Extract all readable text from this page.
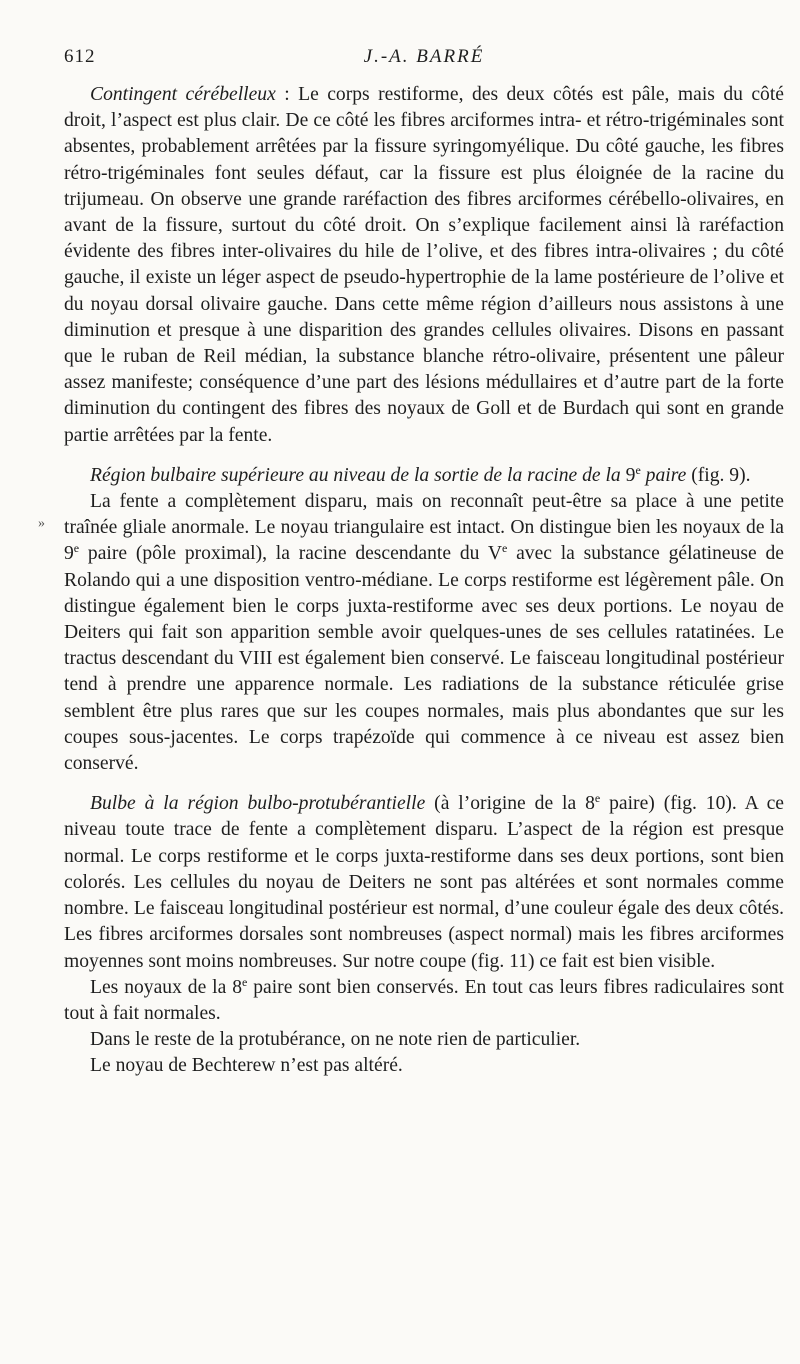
612	J.-A. BARRÉ
»

Contingent cérébelleux : Le corps restiforme, des deux côtés est pâle, mais du côté droit, l’aspect est plus clair. De ce côté les fibres arciformes intra- et rétro-trigéminales sont absentes, probablement arrêtées par la fissure syringomyélique. Du côté gauche, les fibres rétro-trigéminales font seules défaut, car la fissure est plus éloignée de la racine du trijumeau. On observe une grande raréfaction des fibres arciformes cérébello-olivaires, en avant de la fissure, surtout du côté droit. On s’explique facilement ainsi là raréfaction évidente des fibres inter-olivaires du hile de l’olive, et des fibres intra-olivaires ; du côté gauche, il existe un léger aspect de pseudo-hypertrophie de la lame postérieure de l’olive et du noyau dorsal olivaire gauche. Dans cette même région d’ailleurs nous assistons à une diminution et presque à une disparition des grandes cellules olivaires. Disons en passant que le ruban de Reil médian, la substance blanche rétro-olivaire, présentent une pâleur assez manifeste; conséquence d’une part des lésions médullaires et d’autre part de la forte diminution du contingent des fibres des noyaux de Goll et de Burdach qui sont en grande partie arrêtées par la fente.

Région bulbaire supérieure au niveau de la sortie de la racine de la 9e paire (fig. 9).

La fente a complètement disparu, mais on reconnaît peut-être sa place à une petite traînée gliale anormale. Le noyau triangulaire est intact. On distingue bien les noyaux de la 9e paire (pôle proximal), la racine descendante du Ve avec la substance gélatineuse de Rolando qui a une disposition ventro-médiane. Le corps restiforme est légèrement pâle. On distingue également bien le corps juxta-restiforme avec ses deux portions. Le noyau de Deiters qui fait son apparition semble avoir quelques-unes de ses cellules ratatinées. Le tractus descendant du VIII est également bien conservé. Le faisceau longitudinal postérieur tend à prendre une apparence normale. Les radiations de la substance réticulée grise semblent être plus rares que sur les coupes normales, mais plus abondantes que sur les coupes sous-jacentes. Le corps trapézoïde qui commence à ce niveau est assez bien conservé.

Bulbe à la région bulbo-protubérantielle (à l’origine de la 8e paire) (fig. 10). A ce niveau toute trace de fente a complètement disparu. L’aspect de la région est presque normal. Le corps restiforme et le corps juxta-restiforme dans ses deux portions, sont bien colorés. Les cellules du noyau de Deiters ne sont pas altérées et sont normales comme nombre. Le faisceau longitudinal postérieur est normal, d’une couleur égale des deux côtés. Les fibres arciformes dorsales sont nombreuses (aspect normal) mais les fibres arciformes moyennes sont moins nombreuses. Sur notre coupe (fig. 11) ce fait est bien visible.

Les noyaux de la 8e paire sont bien conservés. En tout cas leurs fibres radiculaires sont tout à fait normales.

Dans le reste de la protubérance, on ne note rien de particulier.

Le noyau de Bechterew n’est pas altéré.
